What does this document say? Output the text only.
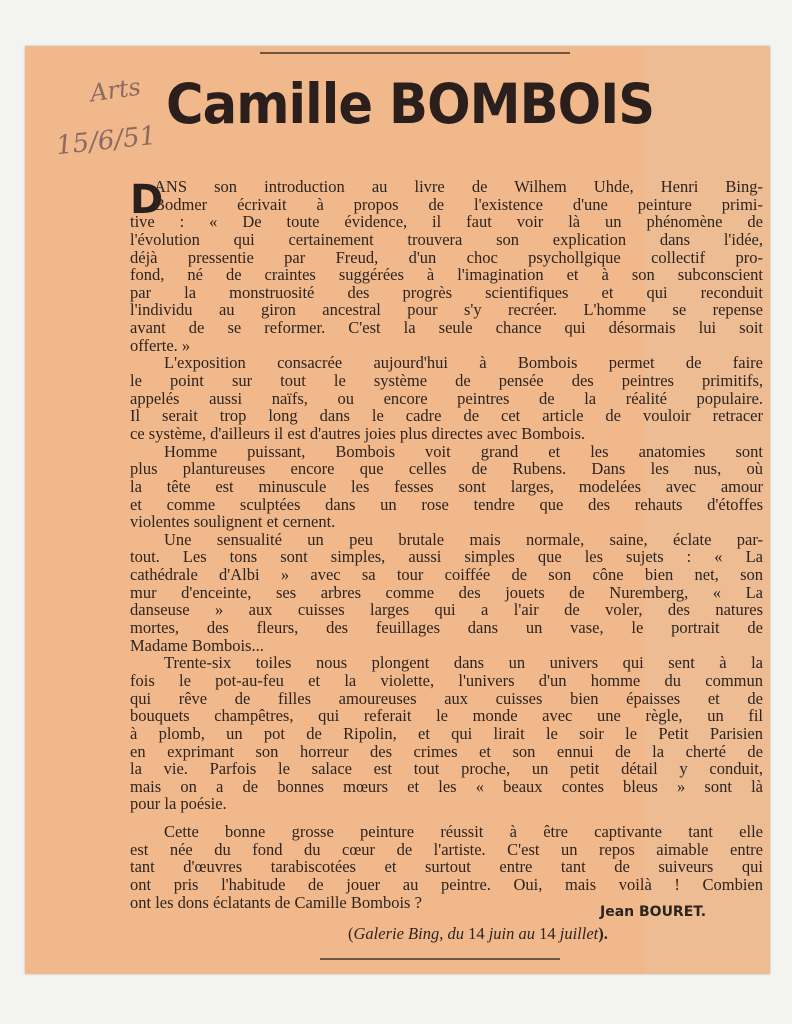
Arts
15/6/51
Camille BOMBOIS
D
ANS son introduction au livre de Wilhem Uhde, Henri Bing-
Bodmer écrivait à propos de l'existence d'une peinture primi-
tive : « De toute évidence, il faut voir là un phénomène de
l'évolution qui certainement trouvera son explication dans l'idée,
déjà pressentie par Freud, d'un choc psychollgique collectif pro-
fond, né de craintes suggérées à l'imagination et à son subconscient
par la monstruosité des progrès scientifiques et qui reconduit
l'individu au giron ancestral pour s'y recréer. L'homme se repense
avant de se reformer. C'est la seule chance qui désormais lui soit
offerte. »
L'exposition consacrée aujourd'hui à Bombois permet de faire
le point sur tout le système de pensée des peintres primitifs,
appelés aussi naïfs, ou encore peintres de la réalité populaire.
Il serait trop long dans le cadre de cet article de vouloir retracer
ce système, d'ailleurs il est d'autres joies plus directes avec Bombois.
Homme puissant, Bombois voit grand et les anatomies sont
plus plantureuses encore que celles de Rubens. Dans les nus, où
la tête est minuscule les fesses sont larges, modelées avec amour
et comme sculptées dans un rose tendre que des rehauts d'étoffes
violentes soulignent et cernent.
Une sensualité un peu brutale mais normale, saine, éclate par-
tout. Les tons sont simples, aussi simples que les sujets : « La
cathédrale d'Albi » avec sa tour coiffée de son cône bien net, son
mur d'enceinte, ses arbres comme des jouets de Nuremberg, « La
danseuse » aux cuisses larges qui a l'air de voler, des natures
mortes, des fleurs, des feuillages dans un vase, le portrait de
Madame Bombois...
Trente-six toiles nous plongent dans un univers qui sent à la
fois le pot-au-feu et la violette, l'univers d'un homme du commun
qui rêve de filles amoureuses aux cuisses bien épaisses et de
bouquets champêtres, qui referait le monde avec une règle, un fil
à plomb, un pot de Ripolin, et qui lirait le soir le Petit Parisien
en exprimant son horreur des crimes et son ennui de la cherté de
la vie. Parfois le salace est tout proche, un petit détail y conduit,
mais on a de bonnes mœurs et les « beaux contes bleus » sont là
pour la poésie.
Cette bonne grosse peinture réussit à être captivante tant elle
est née du fond du cœur de l'artiste. C'est un repos aimable entre
tant d'œuvres tarabiscotées et surtout entre tant de suiveurs qui
ont pris l'habitude de jouer au peintre. Oui, mais voilà ! Combien
ont les dons éclatants de Camille Bombois ?
Jean BOURET.
(Galerie Bing, du 14 juin au 14 juillet).
